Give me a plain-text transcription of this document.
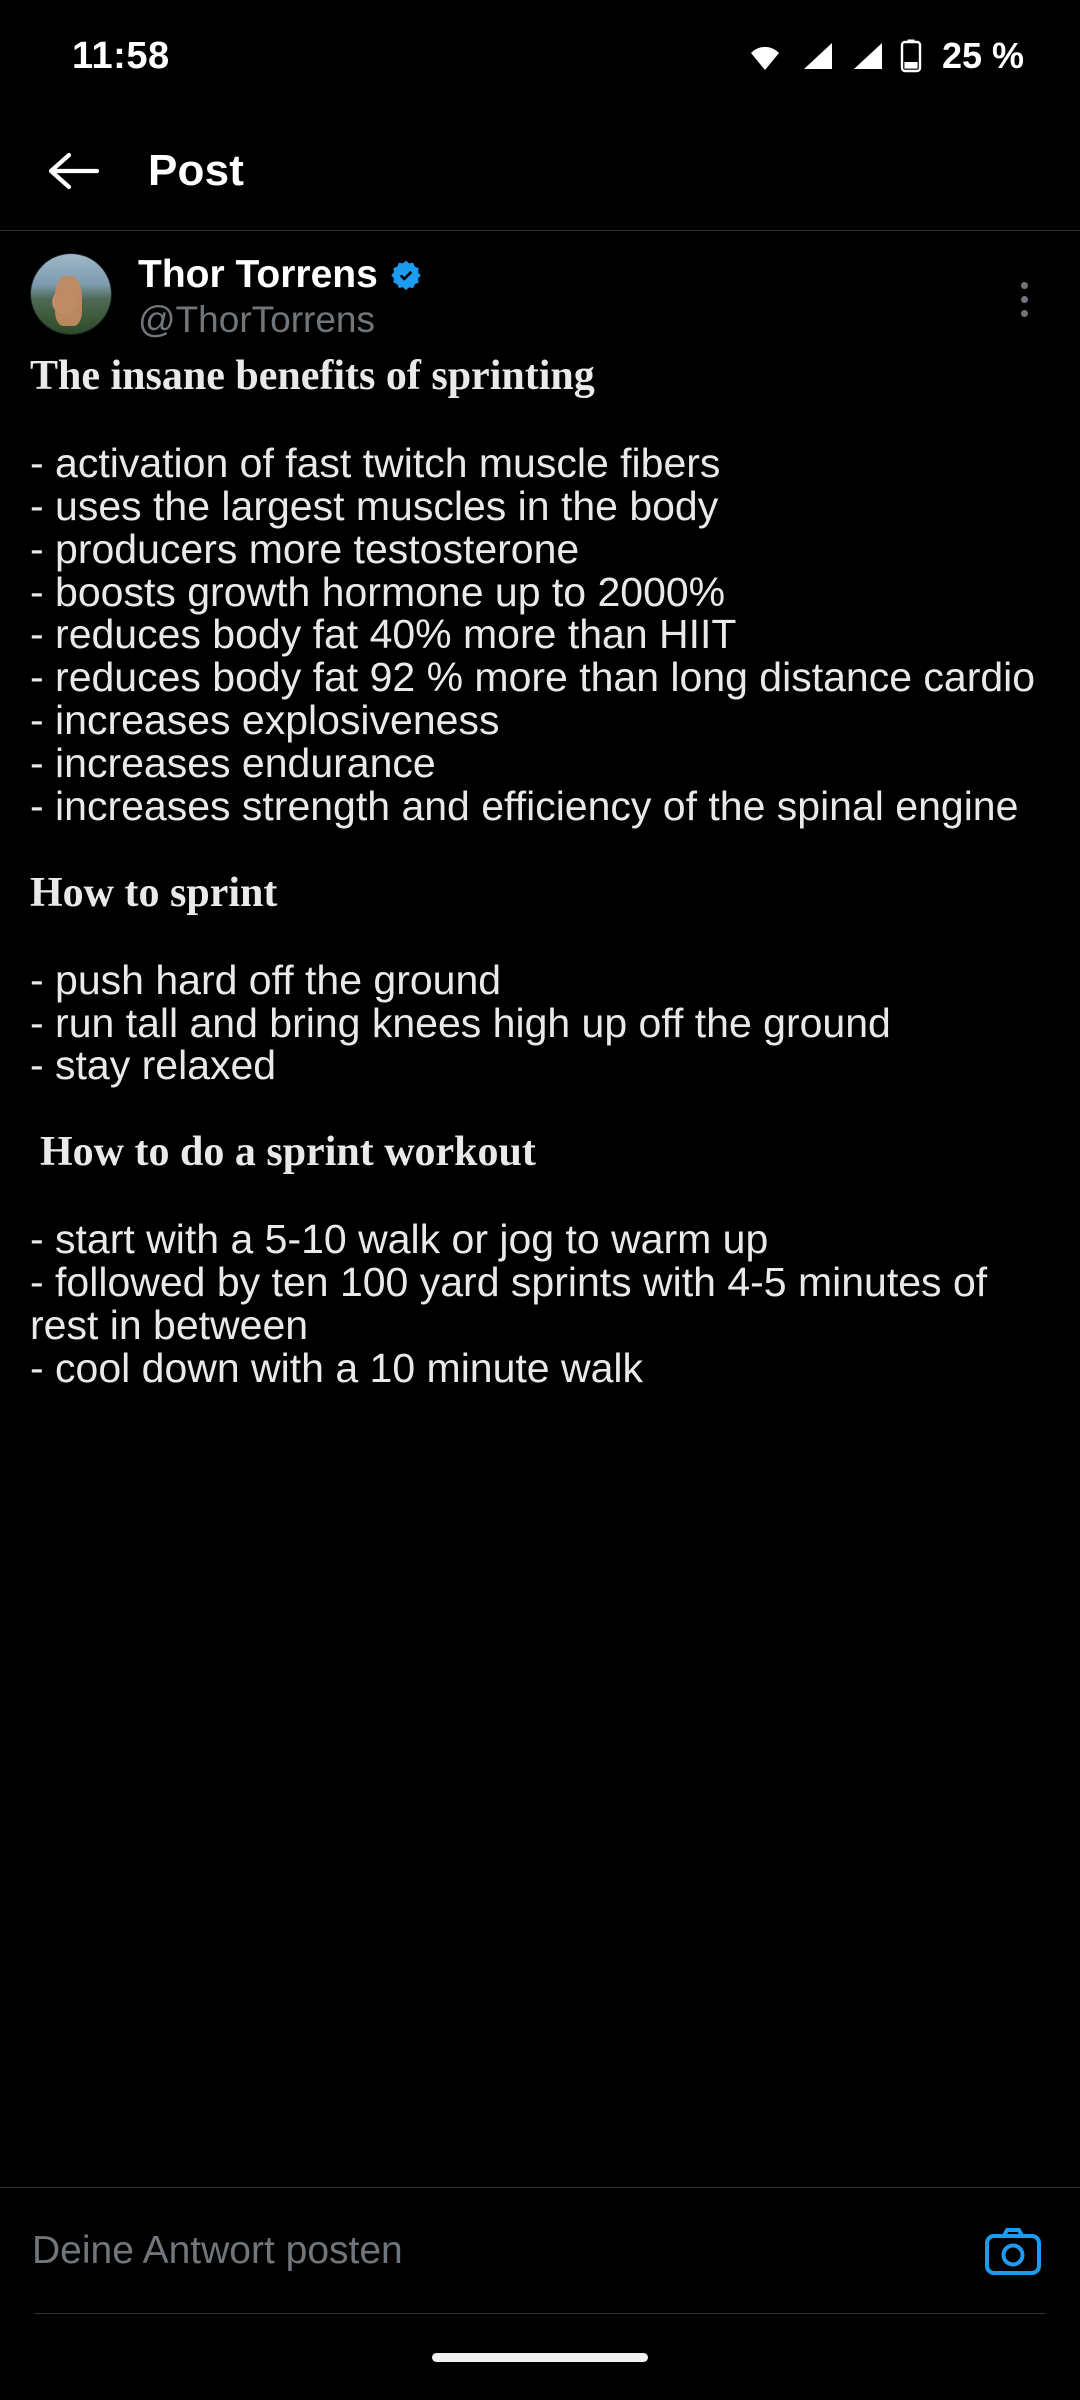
11:58	25 %
Post
Thor Torrens
@ThorTorrens
The insane benefits of sprinting
- activation of fast twitch muscle fibers
- uses the largest muscles in the body
- producers more testosterone
- boosts growth hormone up to 2000%
- reduces body fat 40% more than HIIT
- reduces body fat 92 % more than long distance cardio
- increases explosiveness
- increases endurance
- increases strength and efficiency of the spinal engine
How to sprint
- push hard off the ground
- run tall and bring knees high up off the ground
- stay relaxed
How to do a sprint workout
- start with a 5-10 walk or jog to warm up
- followed by ten 100 yard sprints with 4-5 minutes of rest in between
- cool down with a 10 minute walk
Deine Antwort posten
